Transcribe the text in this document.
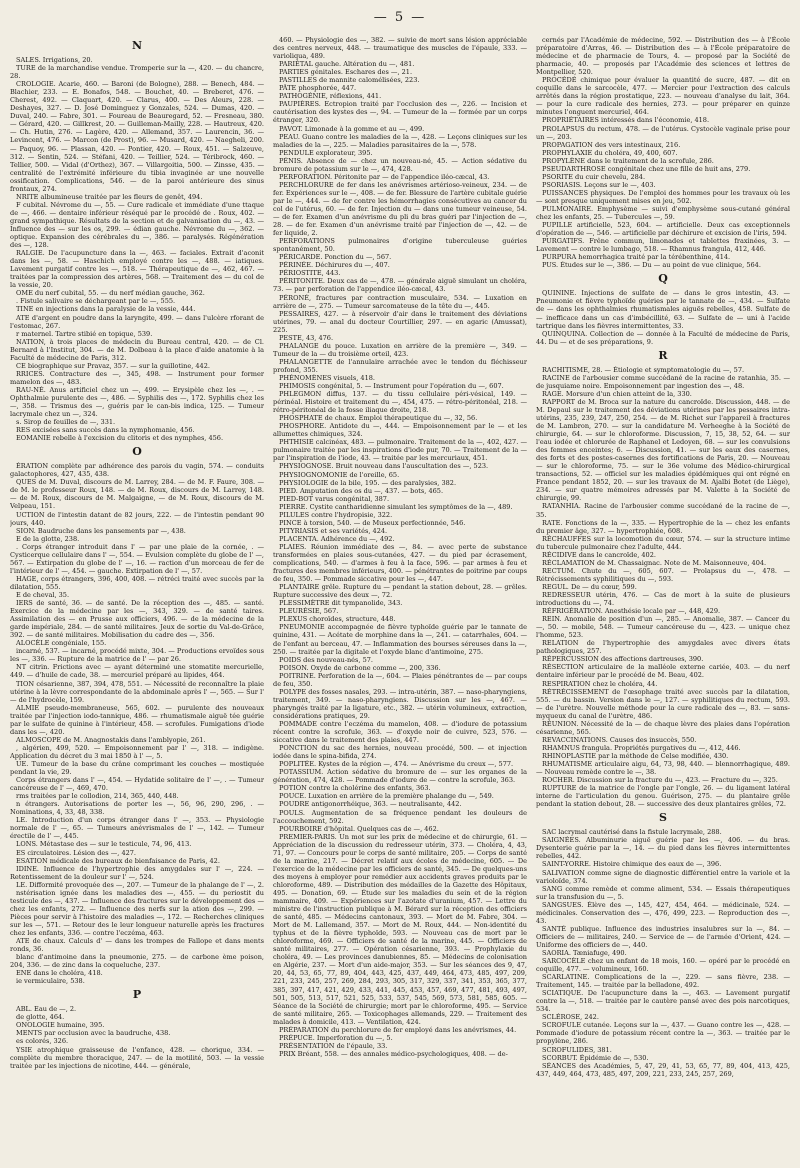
— 5 —
N

SALES. Irrigations, 20.

TURE de la marchandise vendue. Tromperie sur la —, 420. — du chancre, 28.

CROLOGIE. Acarie, 460. — Baroni (de Bologne), 288. — Benech, 484. — Blachier, 233. — E. Bonafos, 548. — Bouchet, 40. — Breberet, 476. — Cherest, 492. — Claquart, 420. — Clarus, 400. — Des Aleurs, 228. — Deshayes, 327. — D. José Dominguez y Gonzales, 524. — Dumas, 420. — Duval, 240. — Fabre, 301. — Foureau de Beauregard, 52. — Fresneau, 380. — Gérard, 420. — Gillkrest, 20. — Guilleman-Mailly, 228. — Hautreux, 420. — Ch. Hutin, 276. — Lagère, 420. — Allemand, 357. — Laurencin, 36. — Levincent, 476. — Marcon (de Prost), 96. — Musard, 420. — Naegheli, 200. — Paquoy, 96. — Plassan, 420. — Pontier, 420. — Roux, 451. — Salzeuve, 312. — Sentin, 524. — Stéfani, 420. — Teillier, 524. — Téribrock, 460. — Tellier, 500. — Vidal (d'Orthez), 367. — Villargoitia, 500. — Zinsse, 435. — centralité de l'extrémité inférieure du tibia invaginée ar une nouvelle ossification. Complications, 546. — de la paroi antérieure des sinus frontaux, 274.

NRITE albumineuse traitée par les fleurs de genêt, 494.

F cubital. Névrome du —, 55. — Cure radicale et immédiate d'une ttaque de —, 466. — dentaire inférieur réséqué par le procédé de . Roux, 402. — grand sympathique. Résultats de la section et de galvanisation du —, 43. — Influence des — sur les os, 299. — édian gauche. Névrome du —, 362. — optique. Expansion des cérébrales du —, 386. — paralysés. Régénération des —, 128.

RALGIE. De l'acupuncture dans la —, 463. — faciales. Extrait d'aconit dans les —, 58. — Haschich employé contre les —, 488. — iatiques. Lavement purgatif contre les —, 518. — Thérapeutique de —, 462, 467. — traitées par la compression des artères, 568. — Traitement des — du col de la vessie, 20.

OME du nerf cubital, 55. — du nerf médian gauche, 362.

. Fistule salivaire se déchargeant par le —, 555.

TINE en injections dans la paralysie de la vessie, 444.

ATE d'argent en poudre dans la laryngite, 499. — dans l'ulcère rforant de l'estomac, 267.

r maternel. Tartre stibié en topique, 539.

NATION, à trois places de médecin du Bureau central, 420. — de Cl. Bernard à l'Institut, 304. — de M. Dolbeau à la place d'aide anatomie à la Faculté de médecine de Paris, 312.

CE biographique sur Pravaz, 357. — sur la guillotine, 442.

RRICES. Contracture des —, 345, 498. — Instrument pour former mamelon des —, 483.

RAU-NÉ. Anus artificiel chez un —, 499. — Erysipèle chez les —, . — Ophthalmie purulente des —, 486. — Syphilis des —, 172. Syphilis chez les —, 358. — Trismus des —, guéris par le can-bis indica, 125. — Tumeur lacrymale chez un —, 324.

s. Sirop de feuilles de —, 331.

RES excisées sans succès dans la nymphomanie, 456.

EOMANIE rebelle à l'excision du clitoris et des nymphes, 456.

O

ÉRATION complète par adhérence des parois du vagin, 574. — conduits galactophores, 427, 435, 438.

QUES de M. Duval, discours de M. Larrey, 284. — de M. F. Faure, 308. — de M. le professeur Roux, 148. — de M. Roux, discours de M. Larrey, 148. — de M. Roux, discours de M. Malgaigne, — de M. Roux, discours de M. Velpeau, 151.

UCTION de l'intestin datant de 82 jours, 222. — de l'intestin pendant 90 jours, 440.

SION. Baudruche dans les pansements par —, 438.

E de la glotte, 238.

. Corps étranger introduit dans l' — par une plaie de la cornée, . — Cysticerque cellulaire dans l' —, 554. — Evulsion complète du globe de l' —, 567. — Extirpation du globe de l' —, 16. — raction d'un morceau de fer de l'intérieur de l' —, 454. — gauche. Extirpation de l' —, 57.

HAGE, corps étrangers, 396, 400, 408. — rétréci traité avec succès par la dilatation, 555.

E de cheval, 35.

IERS de santé, 36. — de santé. De la réception des —, 485. — santé. Exercice de la médecine par les —, 343, 329. — de santé taires. Assimilation des — en Prusse aux officiers, 496. — de la médecine de la garde impériale, 284. — de santé militaires. Jeux de sortie du Val-de-Grâce, 392. — de santé militaires. Mobilisation du cadre des —, 356.

ALOCÈLE congéniale, 155.

incarné, 537. — incarné, procédé mixte, 304. — Productions ervoïdes sous les —, 336. — Rupture de la matrice de l' — par 26.

NT citrin. Frictions avec — ayant déterminé une stomatite mercurielle, 449. — d'huile de cade, 38. — mercuriel préparé au lipides, 464.

TION césarienne, 387, 394, 478, 551. — Nécessité de reconnaître la plaie utérine à la lèvre correspondante de la abdominale après l' —, 565. — Sur l' — de l'hydrocèle, 159.

ALMIE pseudo-membraneuse, 565, 602. — purulente des nouveaux traitée par l'injection iodo-tannique, 486. — rhumatismale aiguë tée guérie par le sulfate de quinine à l'intérieur, 458. — scrofules. Fumigations d'iode dans les —, 420.

ALMOSCOPE de M. Anagnostakis dans l'amblyopie, 261.

, algérien, 499, 520. — Empoisonnement par l' —, 318. — indigène. Application du décret du 3 mai 1850 à l' —, 5.

UE. Tumeur de la base du crâne comprimant les couches — mostiquée pendant la vie, 29.

Corps étrangers dans l' —, 454. — Hydatide solitaire de l' —, . — Tumeur cancéreuse de l' —, 469, 470.

rms traitées par le collodion, 214, 365, 440, 448.

n étrangers. Autorisations de porter les —, 56, 96, 290, 296, . — Nominations, 4, 33, 48, 338.

LE. Introduction d'un corps étranger dans l' —, 353. — Physiologie normale de l' —, 65. — Tumeurs anévrismales de l' —, 142. — Tumeur érectile de l' —, 445.

LONS. Métastase des — sur le testicule, 74, 96, 413.

ES circulatoires. Lésion des —, 427.

ESATION médicale des bureaux de bienfaisance de Paris, 42.

IDINE. Influence de l'hypertrophie des amygdales sur l' —, 224. — Retentissement de la douleur sur l' —, 524.

LE. Difformité provoquée des —, 207. — Tumeur de la phalange de l' —, 2.

nstérisation ignée dans les maladies des —, 455. — du periostit du testicule des —, 437. — Influence des fractures sur le développement des — chez les enfants, 272. — Influence des nerfs sur la ation des —, 299. — Pièces pour servir à l'histoire des maladies —, 172. — Recherches cliniques sur les —, 571. — Retour des le leur longueur naturelle après les fractures chez les enfants, 336. — contre l'eczéma, 463.

ATE de chaux. Calculs d' — dans les trompes de Fallope et dans ments ronds, 36.

blanc d'antimoine dans la pneumonie, 275. — de carbone ème poison, 204, 336. — de zinc dans la coqueluche, 237.

ENE dans le choléra, 418.

ie vermiculaire, 538.

P

ABL. Eau de —, 2.

de glotte, 464.

ONOLOGIE humaine, 395.

MENTS par occlusion avec la baudruche, 438.

es colorés, 326.

YSIE atrophique graisseuse de l'enfance, 428. — chorique, 334. — complète du membre thoracique, 247. — de la motilité, 503. — la vessie traitée par les injections de nicotine, 444. — générale,

460. — Physiologie des —, 382. — suivie de mort sans lésion appréciable des centres nerveux, 448. — traumatique des muscles de l'épaule, 333. — varioliqua, 489.

PARIÉTAL gauche. Altération du —, 481.

PARTIES génitales. Eschares des —, 21.

PASTILLES de mannite calomélisées, 223.

PÂTE phosphorée, 447.

PATHOGÉNIE, réflexions, 441.

PAUPIÈRES. Ectropion traité par l'occlusion des —, 226. — Incision et cautérisation des kystes des —, 94. — Tumeur de la — formée par un corps étranger, 320.

PAVOT. Limonade à la gomme et au —, 499.

PEAU. Guano contre les maladies de la —, 428. — Leçons cliniques sur les maladies de la —, 225. — Maladies parasitaires de la —, 578.

PENDULE explorateur, 395.

PÉNIS. Absence de — chez un nouveau-né, 45. — Action sédative du bromure de potassium sur le —, 474, 428.

PERFORATION. Péritonite par — de l'appendice iléo-cæcal, 43.

PERCHLORURE de fer dans les anévrismes artérioso-veineux, 234. — de fer. Expériences sur le —, 408. — de fer. Blessure de l'artère cubitale guérie par le —, 444. — de fer contre les hémorrhagies consécutives au cancer du col de l'utérus, 60. — de fer. Injection du — dans une tumeur veineuse, 54. — de fer. Examen d'un anévrisme du pli du bras guéri par l'injection de —, 28. — de fer. Examen d'un anévrisme traité par l'injection de —, 42. — de fer liquide, 2.

PERFORATIONS pulmonaires d'origine tuberculeuse guéries spontanément, 50.

PÉRICARDE. Ponction du —, 567.

PÉRINÉE. Déchirures du —, 407.

PÉRIOSTITE, 443.

PÉRITONITE. Deux cas de —, 478. — générale aiguë simulant un choléra, 73. — par perforation de l'appendice iléo-cæcal, 43.

PÉRONÉ, fractures par contraction musculaire, 534. — Luxation en arrière de —, 275. — Tumeur sarcomateuse de la tête du —, 445.

PESSAIRES, 427. — à réservoir d'air dans le traitement des déviations utérines, 79. — anal du docteur Courtillier, 297. — en agaric (Amussat), 225.

PESTE, 43, 476.

PHALANGE du pouce. Luxation en arrière de la première —, 349. — Tumeur de la — du troisième orteil, 423.

PHALANGETTE de l'annulaire arrachée avec le tendon du fléchisseur profond, 355.

PHÉNOMÈNES visuels, 418.

PHIMOSIS congénital, 5. — Instrument pour l'opération du —, 607.

PHLEGMON diffus, 137. — du tissu cellulaire péri-vésical, 149. — périnéal. Histoire et traitement du —, 454, 475. — rétro-péritonéal, 218. — rétro-péritonéal de la fosse iliaque droite, 218.

PHOSPHATE de chaux. Emploi thérapeutique du —, 32, 56.

PHOSPHORE. Antidote du —, 444. — Empoisonnement par le — et les allumettes chimiques, 324.

PHTHISIE calcinéax, 483. — pulmonaire. Traitement de la —, 402, 427. — pulmonaire traitée par les inspirations d'iode pur, 70. — Traitement de la — par l'inspiration de l'iode, 43. — traitée par les mercuriaux, 451.

PHYSIOGNOSE. Bruit nouveau dans l'auscultation des —, 523.

PHYSIOGNOMONIE de l'oreille, 65.

PHYSIOLOGIE de la bile, 195. — des paralysies, 382.

PIED. Amputation des os du —, 437. — bots, 465.

PIED-BOT varus congénital, 387.

PIERRE. Cystite cantharidienne simulant les symptômes de la —, 489.

PILULES contre l'hydropisie, 322.

PINCE à torsion, 540. — de Museux perfectionnée, 546.

PITYRIASIS et ses variétés, 424.

PLACENTA. Adhérence du —, 492.

PLAIES. Réunion immédiate des —, 84. — avec perte de substance transformées en plaies sous-cutanées, 427. — du pied par écrasement, complications, 540. — d'armes à feu à la face, 596. — par armes à feu et fractures des membres inférieurs, 400. — pénétrantes de poitrine par coups de feu, 350. — Pommade siccative pour les —, 447.

PLANTAIRE grêle. Rupture du — pendant la station debout, 28. — grêles. Rupture successive des deux —, 72.

PLESSIMÈTRE dit tympanolide, 343.

PLEURÉSIE, 567.

PLEXUS choroïdes, structure, 448.

PNEUMONIE accompagnée de fièvre typhoïde guérie par le tannate de quinine, 431. — Acétate de morphine dans la —, 241. — catarrhales, 604. — de l'enfant au berceau, 47. — Inflammation des bourses séreuses dans la —, 250. — traitée par la digitale et l'oxyde blanc d'antimoine, 275.

POIDS des nouveau-nés, 57.

POISON. Oxyde de carbone comme —, 200, 336.

POITRINE. Perforation de la —, 604. — Plaies pénétrantes de — par coups de feu, 350.

POLYPE des fosses nasales, 293. — intra-utérin, 387. — naso-pharyngiens, traitement, 349. — naso-pharyngiens. Discussion sur les —, 467. — pharyngés traité par la ligature, etc., 382. — utérin volumineux, extraction, considérations pratiques, 29.

POMMADE contre l'eczéma du mamelon, 408. — d'iodure de potassium récent contre la scrofule, 363. — d'oxyde noir de cuivre, 523, 576. — siccative dans le traitement des plaies, 447.

PONCTION du sac des hernies, nouveau procédé, 500. — et injection iodée dans le spina-bifida, 274.

POPLITÉE. Kystes de la région —, 474. — Anévrisme du creux —, 577.

POTASSIUM. Action sédative du bromure de — sur les organes de la génération, 474, 428. — Pommade d'iodure de — contre la scrofule, 363.

POTION contre la cholérine des enfants, 363.

POUCE. Luxation en arrière de la première phalange du —, 549.

POUDRE antigonorrhéique, 363. — neutralisante, 442.

POULS. Augmentation de sa fréquence pendant les douleurs de l'accouchement, 592.

POURBOIRE d'hôpital. Quelques cas de —, 462.

PREMIER-PARIS. Un mot sur les prix de médecine et de chirurgie, 61. — Appréciation de la discussion du redresseur utérin, 373. — Choléra, 4, 43, 71, 97. — Concours pour le corps de santé militaire, 205. — Corps de santé de la marine, 217. — Décret relatif aux écoles de médecine, 605. — De l'exercice de la médecine par les officiers de santé, 345. — De quelques-uns des moyens à employer pour remédier aux accidents graves produits par le chloroforme, 489. — Distribution des médailles de la Gazette des Hôpitaux, 495. — Donation, 69. — Étude sur les maladies du sein et de la région mammaire, 409. — Expériences sur l'azotate d'uranium, 457. — Lettre du ministre de l'instruction publique à M. Bérard sur la réception des officiers de santé, 485. — Médecins cantonaux, 393. — Mort de M. Fabre, 304. — Mort de M. Lallemand, 357. — Mort de M. Roux, 444. — Non-identité du typhus et de la fièvre typhoïde, 593. — Nouveau cas de mort par le chloroforme, 469. — Officiers de santé de la marine, 445. — Officiers de santé militaires, 277. — Opération césarienne, 393. — Prophylaxie du choléra, 49. — Les provinces danubiennes, 85. — Médecins de colonisation en Algérie, 237. — Mort d'un aide-major, 353. — Sur les séances des 9, 47, 20, 44, 53, 65, 77, 89, 404, 443, 425, 437, 449, 464, 473, 485, 497, 209, 221, 233, 245, 257, 269, 284, 293, 305, 317, 329, 337, 341, 353, 365, 377, 385, 397, 417, 421, 429, 433, 441, 445, 453, 457, 469, 477, 481, 493, 497, 501, 505, 513, 517, 521, 525, 533, 537, 545, 569, 573, 581, 585, 605. — Séance de la Société de chirurgie; mort par le chloroforme, 495. — Service de santé militaire, 265. — Toxicophages allemands, 229. — Traitement des malades à domicile, 413. — Ventilation, 424.

PRÉPARATION du perchlorure de fer employé dans les anévrismes, 44.

PRÉPUCE. Imperforation du —, 5.

PRÉSENTATION de l'épaule, 33.

PRIX Bréant, 558. — des annales médico-psychologiques, 408. — de-

cernés par l'Académie de médecine, 592. — Distribution des — à l'École préparatoire d'Arras, 46. — Distribution des — à l'École préparatoire de médecine et de pharmacie de Tours, 4. — proposé par la Société de pharmacie, 40. — proposés par l'Académie des sciences et lettres de Montpellier, 520.

PROCÉDÉ chimique pour évaluer la quantité de sucre, 487. — dit en coquille dans le sarcocèle, 477. — Mercier pour l'extraction des calculs arrêtés dans la région prostatique, 223. — nouveau d'analyse du lait, 364. — pour la cure radicale des hernies, 273. — pour préparer en quinze minutes l'onguent mercuriel, 464.

PROPRIÉTAIRES intéressés dans l'économie, 418.

PROLAPSUS du rectum, 478. — de l'utérus. Cystocèle vaginale prise pour un —, 203.

PROPAGATION des vers intestinaux, 216.

PROPHYLAXIE du choléra, 49, 400, 607.

PROPYLÈNE dans le traitement de la scrofule, 286.

PSEUDARTHROSE congénitale chez une fille de huit ans, 279.

PSORITE du cuir chevelu, 284.

PSORIASIS. Leçons sur le —, 403.

PUISSANCES physiques. De l'emploi des hommes pour les travaux où les — sont presque uniquement mises en jeu, 502.

PULMONAIRE. Emphysème — suivi d'emphysème sous-cutané général chez les enfants, 25. — Tubercules —, 59.

PUPILLE artificielle, 523, 604. — artificielle. Deux cas exceptionnels d'opération de —, 546. — artificielle par déchirure et excision de l'iris, 594.

PURGATIFS. Frêne commun, limonades et tablettes fraxinées, 3. — Lavement — contre le lumbago, 518. — Rhamnus frangula, 412, 446.

PURPURA hemorrhagica traité par la térébenthine, 414.

PUS. Études sur le —, 386. — Du — au point de vue clinique, 564.

Q

QUININE. Injections de sulfate de — dans le gros intestin, 43. — Pneumonie et fièvre typhoïde guéries par le tannate de —, 434. — Sulfate de — dans les ophthalmies rhumatismales aiguës rebelles, 458. Sulfate de — inefficace dans un cas d'imbécillité, 63. — Sulfate de — uni à l'acide tartrique dans les fièvres intermittentes, 33.

QUINQUINA. Collection de — donnée à la Faculté de médecine de Paris, 44. Du — et de ses préparations, 9.

R

RACHITISME, 28. — Étiologie et symptomatologie du —, 57.

RACINE de l'arbousier comme succédané de la racine de ratanhia, 35. — de jusquiame noire. Empoisonnement par ingestion des —, 48.

RAGE. Morsure d'un chien atteint de la, 330.

RAPPORT de M. Broca sur la nature du cancroïde. Discussion, 448. — de M. Depaul sur le traitement des déviations utérines par les pessaires intra-utérins, 235, 239, 247, 250, 254. — de M. Richet sur l'appareil à fractures de M. Lambron, 270. — sur la candidature M. Verheeghe à la Société de chirurgie, 64. — sur le chloroforme. Discussion, 7, 15, 38, 52, 64. — sur l'eau iodée et chlorurée de Raphanel et Ledoyen, 68. — sur les convulsions des femmes enceintes; 6. — Discussion, 41. — sur les eaux des casernes, des forts et des postes-casernes des fortifications de Paris, 20. — Nouveau — sur le chloroforme, 75. — sur le 36e volume des Médico-chirurgical transactions, 52. — officiel sur les maladies épidémiques qui ont régné en France pendant 1852, 20. — sur les travaux de M. Ajalbi Botet (de Liège), 234. — sur quatre mémoires adressés par M. Valette à la Société de chirurgie, 99.

RATANHIA. Racine de l'arbousier comme succédané de la racine de —, 35.

RATE. Fonctions de la —, 335. — Hypertrophie de la — chez les enfants du premier âge, 327. — hypertrophiée, 608.

RÉCHAUFFES sur la locomotion du cœur, 574. — sur la structure intime du tubercule pulmonaire chez l'adulte, 444.

RÉCIDIVE dans le cancroïde, 402.

RÉCLAMATION de M. Chassaignac. Note de M. Maisonneuve, 404.

RECTUM. Chute du —, 605, 607. — Prolapsus du —, 478. — Rétrécissements syphilitiques du —, 593.

REGUL. De — du cœur, 599.

REDRESSEUR utérin, 476. — Cas de mort à la suite de plusieurs introductions du —, 74.

RÉFRIGÉRATION. Anesthésie locale par —, 448, 429.

REIN. Anomalie de position d'un —, 285. — Anomalie, 387. — Cancer du —, 50. — mobile, 548. — Tumeur cancéreuse du —, 423. — unique chez l'homme, 523.

RELATION de l'hypertrophie des amygdales avec divers états pathologiques, 257.

RÉPERCUSSION des affections dartreuses, 390.

RÉSECTION articulaire de la malléole externe cariée, 403. — du nerf dentaire inférieur par le procédé de M. Beau, 402.

RESPIRATION chez le choléra, 44.

RÉTRÉCISSEMENT de l'œsophage traité avec succès par la dilatation, 555. — du bassin. Version dans le —, 127. — syphilitiques du rectum, 593. — de l'urètre. Nouvelle méthode pour la cure radicale des —, 83. — sans-myqueux du canal de l'urètre, 486.

RÉUNION. Nécessité de la — de chaque lèvre des plaies dans l'opération césarienne, 565.

REVACCINATIONS. Causes des insuccès, 550.

RHAMNUS frangula. Propriétés purgatives du —, 412, 446.

RHINOPLASTIE par la méthode de Celse modifiée, 430.

RHUMATISME articulaire aigu, 64, 73, 98, 440. — blennorrhagique, 489. — Nouveau remède contre le —, 38.

ROCHER. Discussion sur la fracture du —, 423. — Fracture du —, 325.

RUPTURE de la matrice de l'ongle par l'ongle, 26. — du ligament latéral interne de l'articulation du genou. Guérison, 275. — du plantaire grêle pendant la station debout, 28. — successive des deux plantaires grêles, 72.

S

SAC lacrymal cautérisé dans la fistule lacrymale, 288.

SAIGNÉES. Albuminurie aiguë guérie par les —, 406. — du bras. Dysenterie guérie par la —, 14. — du pied dans les fièvres intermittentes rebelles, 442.

SAINT-YORRE. Histoire chimique des eaux de —, 396.

SALIVATION comme signe de diagnostic différentiel entre la variole et la varioloïde, 374.

SANG comme remède et comme aliment, 534. — Essais thérapeutiques sur la transfusion du —, 5.

SANGSUES. Élève des —, 145, 427, 454, 464. — médicinale, 524. — médicinales. Conservation des —, 476, 499, 223. — Reproduction des —, 43.

SANTÉ publique. Influence des industries insalubres sur la —, 84. — Officiers de — militaires, 240. — Service de — de l'armée d'Orient, 424. — Uniforme des officiers de —, 440.

SAORIA. Tæniafuge, 490.

SARCOCÈLE chez un enfant de 18 mois, 160. — opéré par le procédé en coquille, 477. — volumineux, 160.

SCARLATINE. Complications de la —, 229. — sans fièvre, 238. — Traitement, 145. — traitée par la belladone, 492.

SCIATIQUE. De l'acupuncture dans la —, 463. — Lavement purgatif contre la —, 518. — traitée par le cautère pansé avec des pois narcotiques, 534.

SCLÉROSE, 242.

SCROFULE cutanée. Leçons sur la —, 437. — Guano contre les —, 428. — Pommade d'iodure de potassium récent contre la —, 363. — traitée par le propylène, 286.

SCROFULIDES, 381.

SCORBUT. Épidémie de —, 530.

SÉANCES des Académies, 5, 47, 29, 41, 53, 65, 77, 89, 404, 413, 425, 437, 449, 464, 473, 485, 497, 209, 221, 233, 245, 257, 269,
